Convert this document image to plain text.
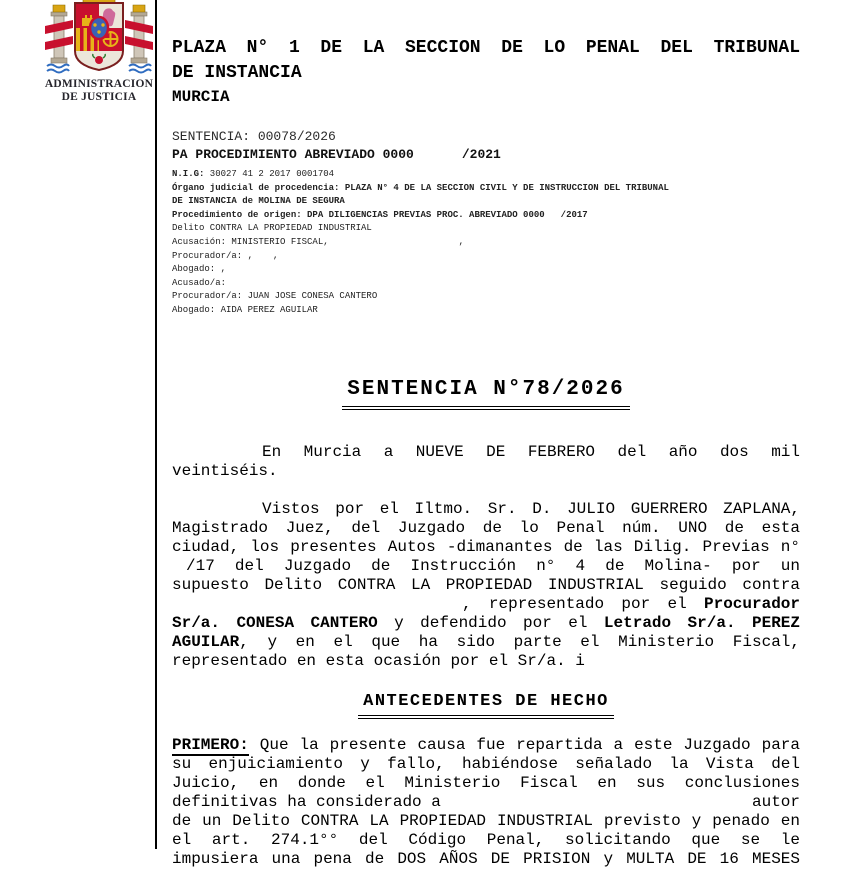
ADMINISTRACION
DE JUSTICIA
PLAZA N° 1 DE LA SECCION DE LO PENAL DEL TRIBUNAL
DE INSTANCIA
MURCIA
SENTENCIA: 00078/2026
PA PROCEDIMIENTO ABREVIADO 0000	/2021
N.I.G: 30027 41 2 2017 0001704
Órgano judicial de procedencia: PLAZA N° 4 DE LA SECCION CIVIL Y DE INSTRUCCION DEL TRIBUNAL
DE INSTANCIA de MOLINA DE SEGURA
Procedimiento de origen: DPA DILIGENCIAS PREVIAS PROC. ABREVIADO 0000 /2017
Delito CONTRA LA PROPIEDAD INDUSTRIAL
Acusación: MINISTERIO FISCAL,	,
Procurador/a: , ,
Abogado: ,
Acusado/a:
Procurador/a: JUAN JOSE CONESA CANTERO
Abogado: AIDA PEREZ AGUILAR
SENTENCIA N°78/2026
En Murcia a NUEVE DE FEBRERO del año dos mil
veintiséis.
Vistos por el Iltmo. Sr. D. JULIO GUERRERO ZAPLANA,
Magistrado Juez, del Juzgado de lo Penal núm. UNO de esta
ciudad, los presentes Autos -dimanantes de las Dilig. Previas n°
/17 del Juzgado de Instrucción n° 4 de Molina- por un
supuesto Delito CONTRA LA PROPIEDAD INDUSTRIAL seguido contra
, representado por el Procurador
Sr/a. CONESA CANTERO y defendido por el Letrado Sr/a. PEREZ
AGUILAR, y en el que ha sido parte el Ministerio Fiscal,
representado en esta ocasión por el Sr/a. i
ANTECEDENTES DE HECHO
PRIMERO: Que la presente causa fue repartida a este Juzgado para
su enjuiciamiento y fallo, habiéndose señalado la Vista del
Juicio, en donde el Ministerio Fiscal en sus conclusiones
definitivas ha considerado a	autor
de un Delito CONTRA LA PROPIEDAD INDUSTRIAL previsto y penado en
el art. 274.1°° del Código Penal, solicitando que se le
impusiera una pena de DOS AÑOS DE PRISION y MULTA DE 16 MESES
